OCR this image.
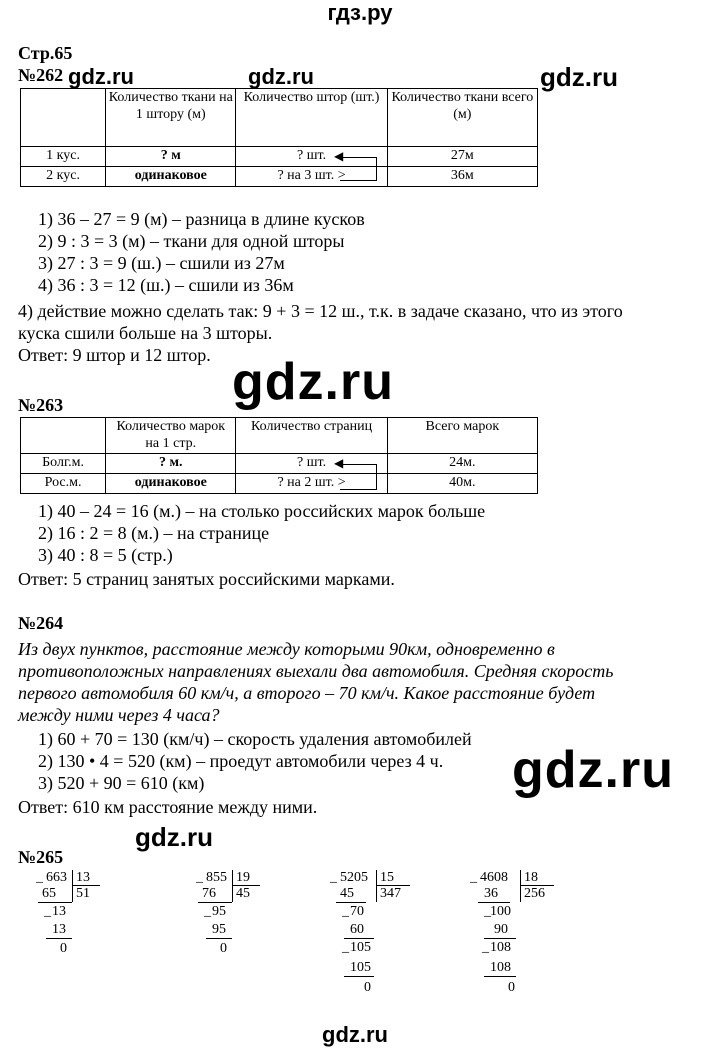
гдз.ру
Стр.65
gdz.ru	gdz.ru	gdz.ru
gdz.ru
gdz.ru
gdz.ru
gdz.ru
№262
	Количество ткани на 1 штору (м)	Количество штор (шт.)	Количество ткани всего (м)
1 кус.	? м	? шт.	27м
2 кус.	одинаковое	? на 3 шт. >	36м
◀
1) 36 – 27 = 9 (м) – разница в длине кусков
2) 9 : 3 = 3 (м) – ткани для одной шторы
3) 27 : 3 = 9 (ш.) – сшили из 27м
4) 36 : 3 = 12 (ш.) – сшили из 36м
4) действие можно сделать так: 9 + 3 = 12 ш., т.к. в задаче сказано, что из этого
куска сшили больше на 3 шторы.
Ответ: 9 штор и 12 штор.
№263
	Количество марок на 1 стр.	Количество страниц	Всего марок
Болг.м.	? м.	? шт.	24м.
Рос.м.	одинаковое	? на 2 шт. >	40м.
◀
1) 40 – 24 = 16 (м.) – на столько российских марок больше
2) 16 : 2 = 8 (м.) – на странице
3) 40 : 8 = 5 (стр.)
Ответ: 5 страниц занятых российскими марками.
№264
Из двух пунктов, расстояние между которыми 90км, одновременно в
противоположных направлениях выехали два автомобиля. Средняя скорость
первого автомобиля 60 км/ч, а второго – 70 км/ч. Какое расстояние будет
между ними через 4 часа?
1) 60 + 70 = 130 (км/ч) – скорость удаления автомобилей
2) 130 • 4 = 520 (км) – проедут автомобили через 4 ч.
3) 520 + 90 = 610 (км)
Ответ: 610 км расстояние между ними.
№265
_ 663 13
51
65
_ 13
13
0
_ 855 19
45
76
_ 95
95
0
_ 5205 15
347
45
_ 70
60
_ 105
105
0
_ 4608 18
256
36
_ 100
90
_ 108
108
0
